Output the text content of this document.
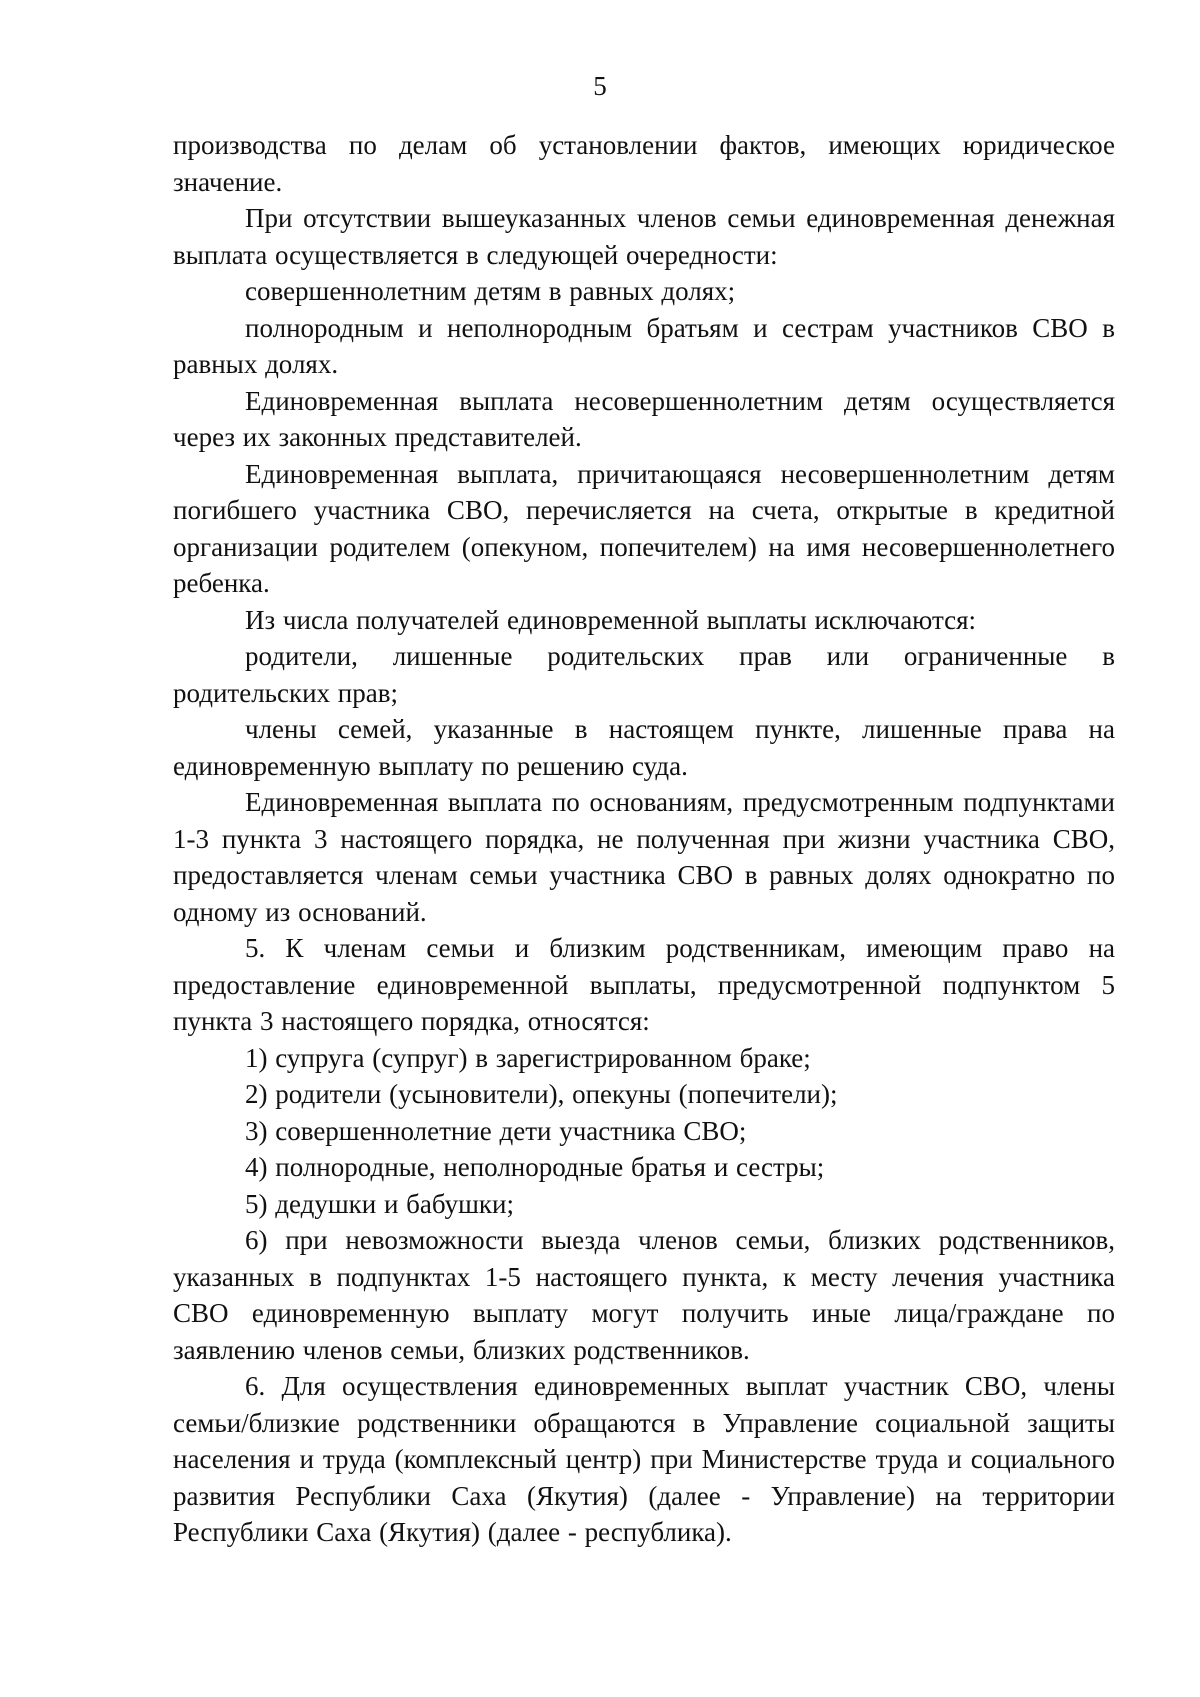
5

производства по делам об установлении фактов, имеющих юридическое значение.

При отсутствии вышеуказанных членов семьи единовременная денежная выплата осуществляется в следующей очередности:

совершеннолетним детям в равных долях;

полнородным и неполнородным братьям и сестрам участников СВО в равных долях.

Единовременная выплата несовершеннолетним детям осуществляется через их законных представителей.

Единовременная выплата, причитающаяся несовершеннолетним детям погибшего участника СВО, перечисляется на счета, открытые в кредитной организации родителем (опекуном, попечителем) на имя несовершеннолетнего ребенка.

Из числа получателей единовременной выплаты исключаются:

родители, лишенные родительских прав или ограниченные в родительских прав;

члены семей, указанные в настоящем пункте, лишенные права на единовременную выплату по решению суда.

Единовременная выплата по основаниям, предусмотренным подпунктами 1-3 пункта 3 настоящего порядка, не полученная при жизни участника СВО, предоставляется членам семьи участника СВО в равных долях однократно по одному из оснований.

5. К членам семьи и близким родственникам, имеющим право на предоставление единовременной выплаты, предусмотренной подпунктом 5 пункта 3 настоящего порядка, относятся:

1) супруга (супруг) в зарегистрированном браке;

2) родители (усыновители), опекуны (попечители);

3) совершеннолетние дети участника СВО;

4) полнородные, неполнородные братья и сестры;

5) дедушки и бабушки;

6) при невозможности выезда членов семьи, близких родственников, указанных в подпунктах 1-5 настоящего пункта, к месту лечения участника СВО единовременную выплату могут получить иные лица/граждане по заявлению членов семьи, близких родственников.

6. Для осуществления единовременных выплат участник СВО, члены семьи/близкие родственники обращаются в Управление социальной защиты населения и труда (комплексный центр) при Министерстве труда и социального развития Республики Саха (Якутия) (далее - Управление) на территории Республики Саха (Якутия) (далее - республика).
